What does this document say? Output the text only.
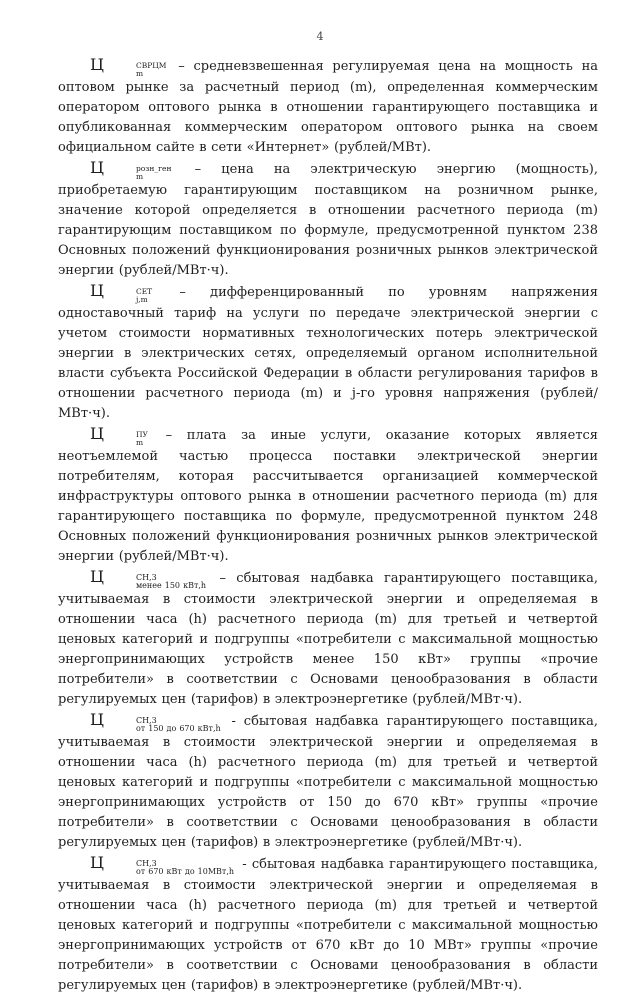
4

Ц	СВРЦМ
m	– средневзвешенная регулируемая цена на мощность на оптовом рынке за расчетный период (m), определенная коммерческим оператором оптового рынка в отношении гарантирующего поставщика и опубликованная коммерческим оператором оптового рынка на своем официальном сайте в сети «Интернет» (рублей/МВт).

Ц	розн_ген
m	– цена на электрическую энергию (мощность), приобретаемую гарантирующим поставщиком на розничном рынке, значение которой определяется в отношении расчетного периода (m) гарантирующим поставщиком по формуле, предусмотренной пунктом 238 Основных положений функционирования розничных рынков электрической энергии (рублей/МВт·ч).

Ц	СЕТ
j,m – дифференцированный по уровням напряжения одноставочный тариф на услуги по передаче электрической энергии с учетом стоимости нормативных технологических потерь электрической энергии в электрических сетях, определяемый органом исполнительной власти субъекта Российской Федерации в области регулирования тарифов в отношении расчетного периода (m) и j-го уровня напряжения (рублей/МВт·ч).

Ц	ПУ
m – плата за иные услуги, оказание которых является неотъемлемой частью процесса поставки электрической энергии потребителям, которая рассчитывается организацией коммерческой инфраструктуры оптового рынка в отношении расчетного периода (m) для гарантирующего поставщика по формуле, предусмотренной пунктом 248 Основных положений функционирования розничных рынков электрической энергии (рублей/МВт·ч).

Ц	СН,3
менее 150 кВт,h – сбытовая надбавка гарантирующего поставщика, учитываемая в стоимости электрической энергии и определяемая в отношении часа (h) расчетного периода (m) для третьей и четвертой ценовых категорий и подгруппы «потребители с максимальной мощностью энергопринимающих устройств менее 150 кВт» группы «прочие потребители» в соответствии с Основами ценообразования в области регулируемых цен (тарифов) в электроэнергетике (рублей/МВт·ч).

Ц	СН,3
от 150 до 670 кВт,h - сбытовая надбавка гарантирующего поставщика, учитываемая в стоимости электрической энергии и определяемая в отношении часа (h) расчетного периода (m) для третьей и четвертой ценовых категорий и подгруппы «потребители с максимальной мощностью энергопринимающих устройств от 150 до 670 кВт» группы «прочие потребители» в соответствии с Основами ценообразования в области регулируемых цен (тарифов) в электроэнергетике (рублей/МВт·ч).

Ц	СН,3
от 670 кВт до 10МВт,h - сбытовая надбавка гарантирующего поставщика, учитываемая в стоимости электрической энергии и определяемая в отношении часа (h) расчетного периода (m) для третьей и четвертой ценовых категорий и подгруппы «потребители с максимальной мощностью энергопринимающих устройств от 670 кВт до 10 МВт» группы «прочие потребители» в соответствии с Основами ценообразования в области регулируемых цен (тарифов) в электроэнергетике (рублей/МВт·ч).
